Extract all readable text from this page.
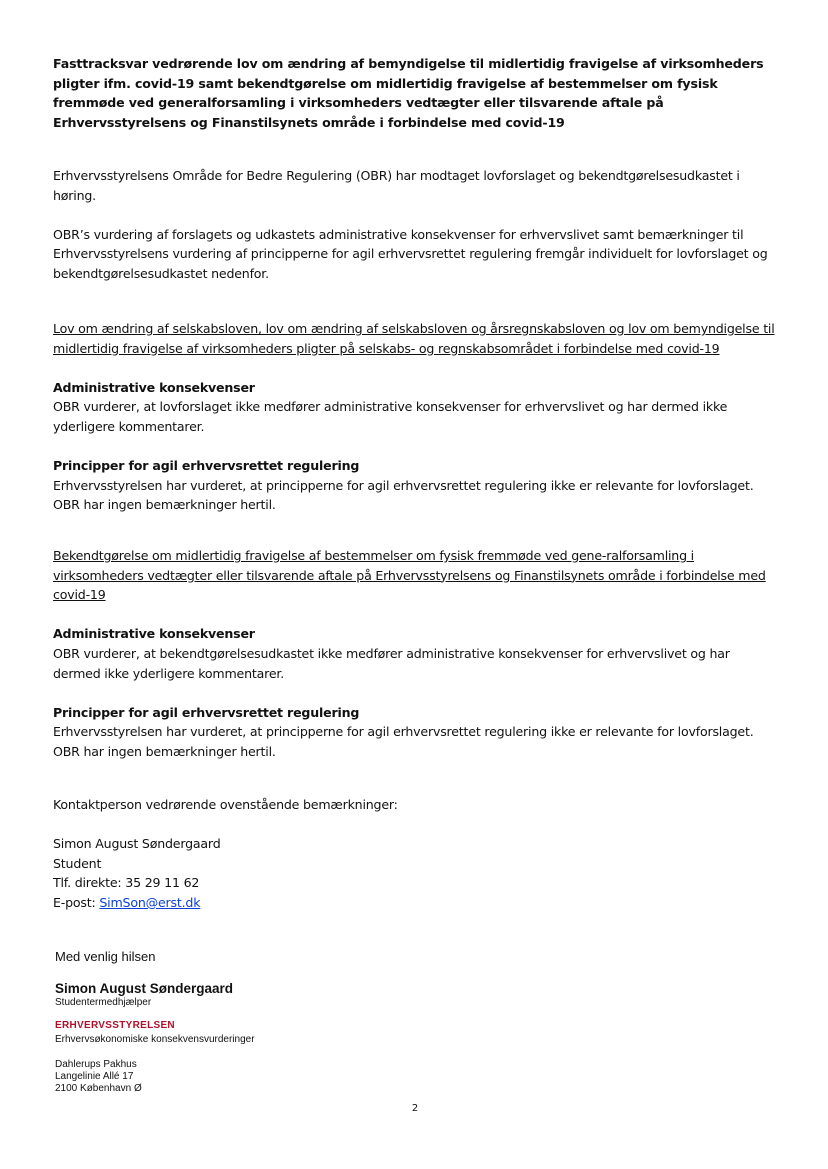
Fasttracksvar vedrørende lov om ændring af bemyndigelse til midlertidig fravigelse af virksomheders pligter ifm. covid-19 samt bekendtgørelse om midlertidig fravigelse af bestemmelser om fysisk fremmøde ved generalforsamling i virksomheders vedtægter eller tilsvarende aftale på Erhvervsstyrelsens og Finanstilsynets område i forbindelse med covid-19
Erhvervsstyrelsens Område for Bedre Regulering (OBR) har modtaget lovforslaget og bekendtgørelsesudkastet i høring.
OBR’s vurdering af forslagets og udkastets administrative konsekvenser for erhvervslivet samt bemærkninger til Erhvervsstyrelsens vurdering af principperne for agil erhvervsrettet regulering fremgår individuelt for lovforslaget og bekendtgørelsesudkastet nedenfor.
Lov om ændring af selskabsloven, lov om ændring af selskabsloven og årsregnskabsloven og lov om bemyndigelse til midlertidig fravigelse af virksomheders pligter på selskabs- og regnskabsområdet i forbindelse med covid-19
Administrative konsekvenser
OBR vurderer, at lovforslaget ikke medfører administrative konsekvenser for erhvervslivet og har dermed ikke yderligere kommentarer.
Principper for agil erhvervsrettet regulering
Erhvervsstyrelsen har vurderet, at principperne for agil erhvervsrettet regulering ikke er relevante for lovforslaget. OBR har ingen bemærkninger hertil.
Bekendtgørelse om midlertidig fravigelse af bestemmelser om fysisk fremmøde ved gene-ralforsamling i virksomheders vedtægter eller tilsvarende aftale på Erhvervsstyrelsens og Finanstilsynets område i forbindelse med covid-19
Administrative konsekvenser
OBR vurderer, at bekendtgørelsesudkastet ikke medfører administrative konsekvenser for erhvervslivet og har dermed ikke yderligere kommentarer.
Principper for agil erhvervsrettet regulering
Erhvervsstyrelsen har vurderet, at principperne for agil erhvervsrettet regulering ikke er relevante for lovforslaget. OBR har ingen bemærkninger hertil.
Kontaktperson vedrørende ovenstående bemærkninger:
Simon August Søndergaard
Student
Tlf. direkte: 35 29 11 62
E-post: SimSon@erst.dk
Med venlig hilsen
Simon August Søndergaard
Studentermedhjælper
ERHVERVSSTYRELSEN
Erhvervsøkonomiske konsekvensvurderinger
Dahlerups Pakhus
Langelinie Allé 17
2100 København Ø
2
